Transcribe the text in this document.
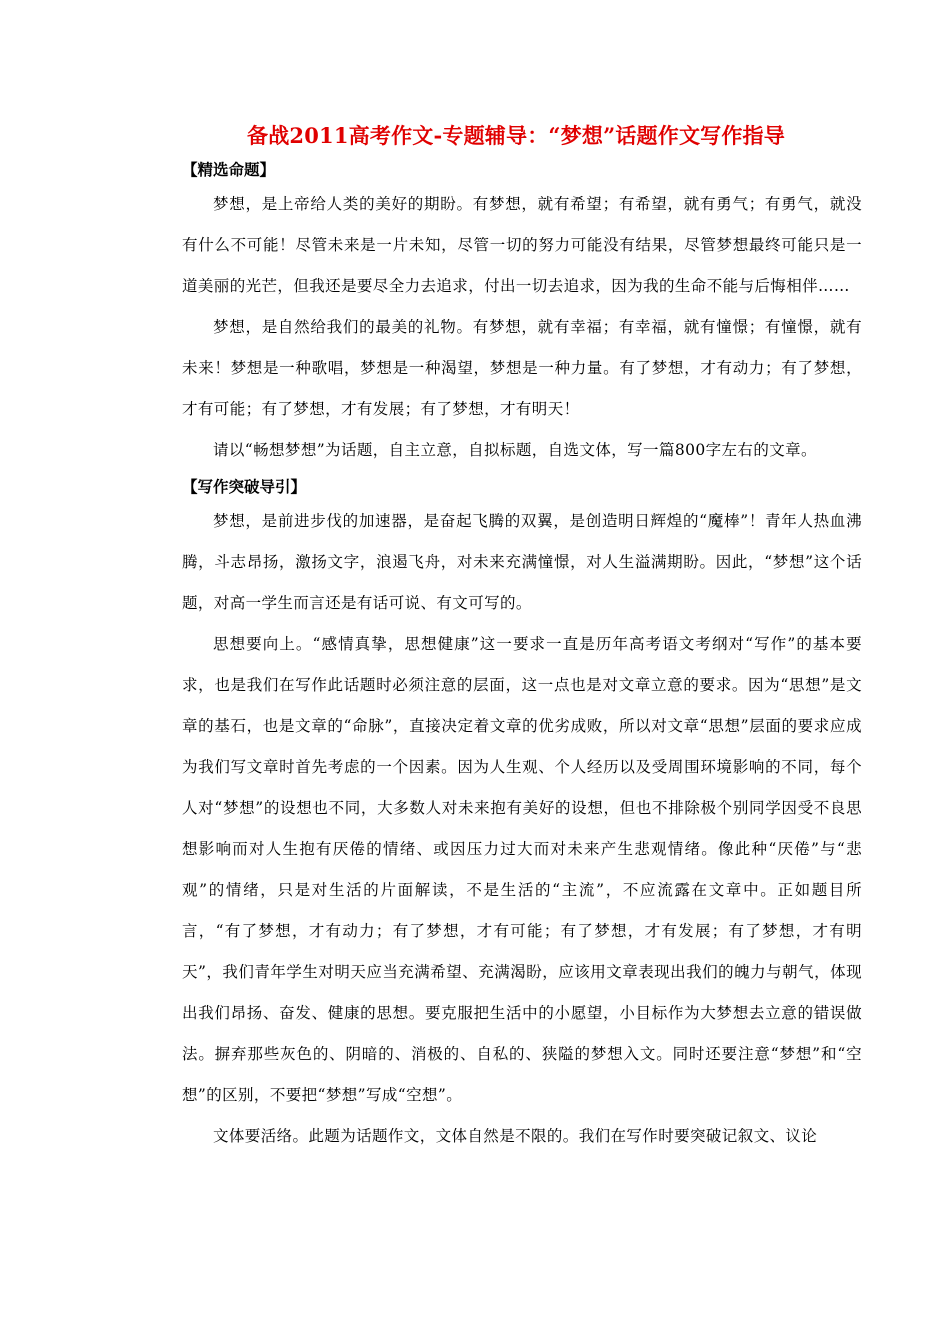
备战2011高考作文-专题辅导：“梦想”话题作文写作指导

【精选命题】

梦想，是上帝给人类的美好的期盼。有梦想，就有希望；有希望，就有勇气；有勇气，就没有什么不可能！尽管未来是一片未知，尽管一切的努力可能没有结果，尽管梦想最终可能只是一道美丽的光芒，但我还是要尽全力去追求，付出一切去追求，因为我的生命不能与后悔相伴……

梦想，是自然给我们的最美的礼物。有梦想，就有幸福；有幸福，就有憧憬；有憧憬，就有未来！梦想是一种歌唱，梦想是一种渴望，梦想是一种力量。有了梦想，才有动力；有了梦想，才有可能；有了梦想，才有发展；有了梦想，才有明天！

请以“畅想梦想”为话题，自主立意，自拟标题，自选文体，写一篇800字左右的文章。

【写作突破导引】

梦想，是前进步伐的加速器，是奋起飞腾的双翼，是创造明日辉煌的“魔棒”！青年人热血沸腾，斗志昂扬，激扬文字，浪遏飞舟，对未来充满憧憬，对人生溢满期盼。因此，“梦想”这个话题，对高一学生而言还是有话可说、有文可写的。

思想要向上。“感情真挚，思想健康”这一要求一直是历年高考语文考纲对“写作”的基本要求，也是我们在写作此话题时必须注意的层面，这一点也是对文章立意的要求。因为“思想”是文章的基石，也是文章的“命脉”，直接决定着文章的优劣成败，所以对文章“思想”层面的要求应成为我们写文章时首先考虑的一个因素。因为人生观、个人经历以及受周围环境影响的不同，每个人对“梦想”的设想也不同，大多数人对未来抱有美好的设想，但也不排除极个别同学因受不良思想影响而对人生抱有厌倦的情绪、或因压力过大而对未来产生悲观情绪。像此种“厌倦”与“悲观”的情绪，只是对生活的片面解读，不是生活的“主流”，不应流露在文章中。正如题目所言，“有了梦想，才有动力；有了梦想，才有可能；有了梦想，才有发展；有了梦想，才有明天”，我们青年学生对明天应当充满希望、充满渴盼，应该用文章表现出我们的魄力与朝气，体现出我们昂扬、奋发、健康的思想。要克服把生活中的小愿望，小目标作为大梦想去立意的错误做法。摒弃那些灰色的、阴暗的、消极的、自私的、狭隘的梦想入文。同时还要注意“梦想”和“空想”的区别，不要把“梦想”写成“空想”。

文体要活络。此题为话题作文，文体自然是不限的。我们在写作时要突破记叙文、议论
